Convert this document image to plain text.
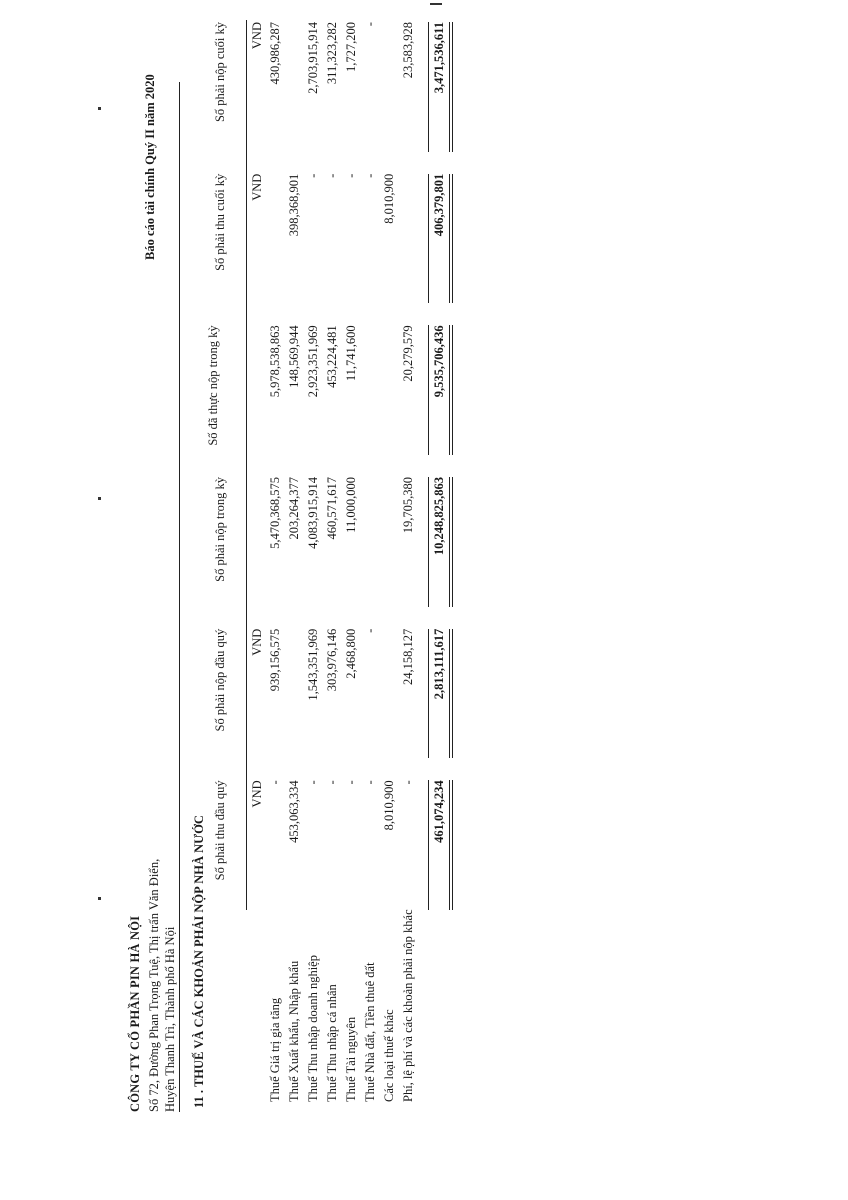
CÔNG TY CỔ PHẦN PIN HÀ NỘI Số 72, Đường Phan Trọng Tuệ, Thị trấn Văn Điển, Huyện Thanh Trì, Thành phố Hà Nội
Báo cáo tài chính Quý II năm 2020
11 . THUẾ VÀ CÁC KHOẢN PHẢI NỘP NHÀ NƯỚC Số phải thu đầu quý
Số phải nộp đầu quý
Số phải nộp trong kỳ
Số đã thực nộp trong kỳ
Số phải thu cuối kỳ
Số phải nộp cuối kỳ
VND
VND
VND
VND
Thuế Giá trị gia tăng
-
939,156,575
5,470,368,575
5,978,538,863
430,986,287
Thuế Xuất khẩu, Nhập khẩu
453,063,334
203,264,377
148,569,944
398,368,901
Thuế Thu nhập doanh nghiệp
-
1,543,351,969
4,083,915,914
2,923,351,969
-
2,703,915,914
Thuế Thu nhập cá nhân
-
303,976,146
460,571,617
453,224,481
-
311,323,282
Thuế Tài nguyên
-
2,468,800
11,000,000
11,741,600
-
1,727,200
Thuế Nhà đất, Tiền thuê đất
-
-
-
-
Các loại thuế khác
8,010,900
8,010,900
Phí, lệ phí và các khoản phải nộp khác
-
24,158,127
19,705,380
20,279,579
23,583,928
461,074,234
2,813,111,617
10,248,825,863
9,535,706,436
406,379,801
3,471,536,611
